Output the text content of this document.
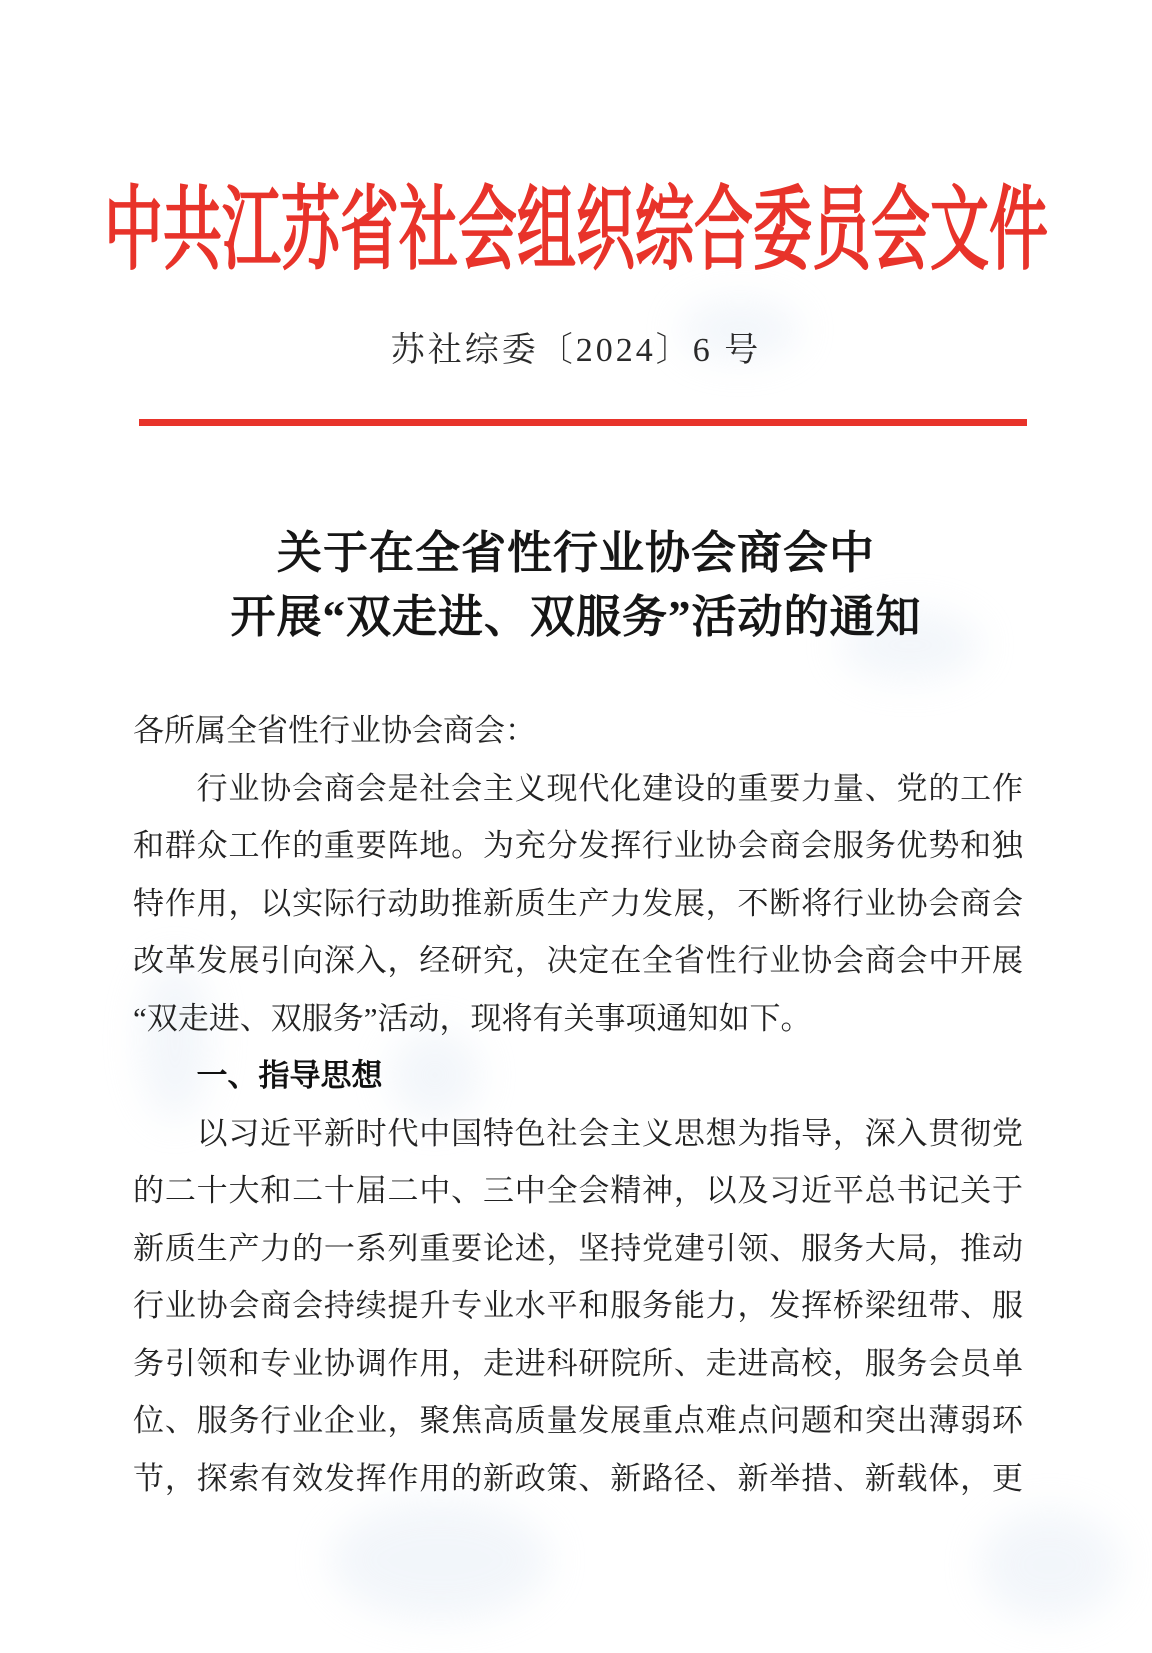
中共江苏省社会组织综合委员会文件
苏社综委〔2024〕6 号
关于在全省性行业协会商会中
开展“双走进、双服务”活动的通知
各所属全省性行业协会商会：
行业协会商会是社会主义现代化建设的重要力量、党的工作
和群众工作的重要阵地。为充分发挥行业协会商会服务优势和独
特作用，以实际行动助推新质生产力发展，不断将行业协会商会
改革发展引向深入，经研究，决定在全省性行业协会商会中开展
“双走进、双服务”活动，现将有关事项通知如下。
一、指导思想
以习近平新时代中国特色社会主义思想为指导，深入贯彻党
的二十大和二十届二中、三中全会精神，以及习近平总书记关于
新质生产力的一系列重要论述，坚持党建引领、服务大局，推动
行业协会商会持续提升专业水平和服务能力，发挥桥梁纽带、服
务引领和专业协调作用，走进科研院所、走进高校，服务会员单
位、服务行业企业，聚焦高质量发展重点难点问题和突出薄弱环
节，探索有效发挥作用的新政策、新路径、新举措、新载体，更
